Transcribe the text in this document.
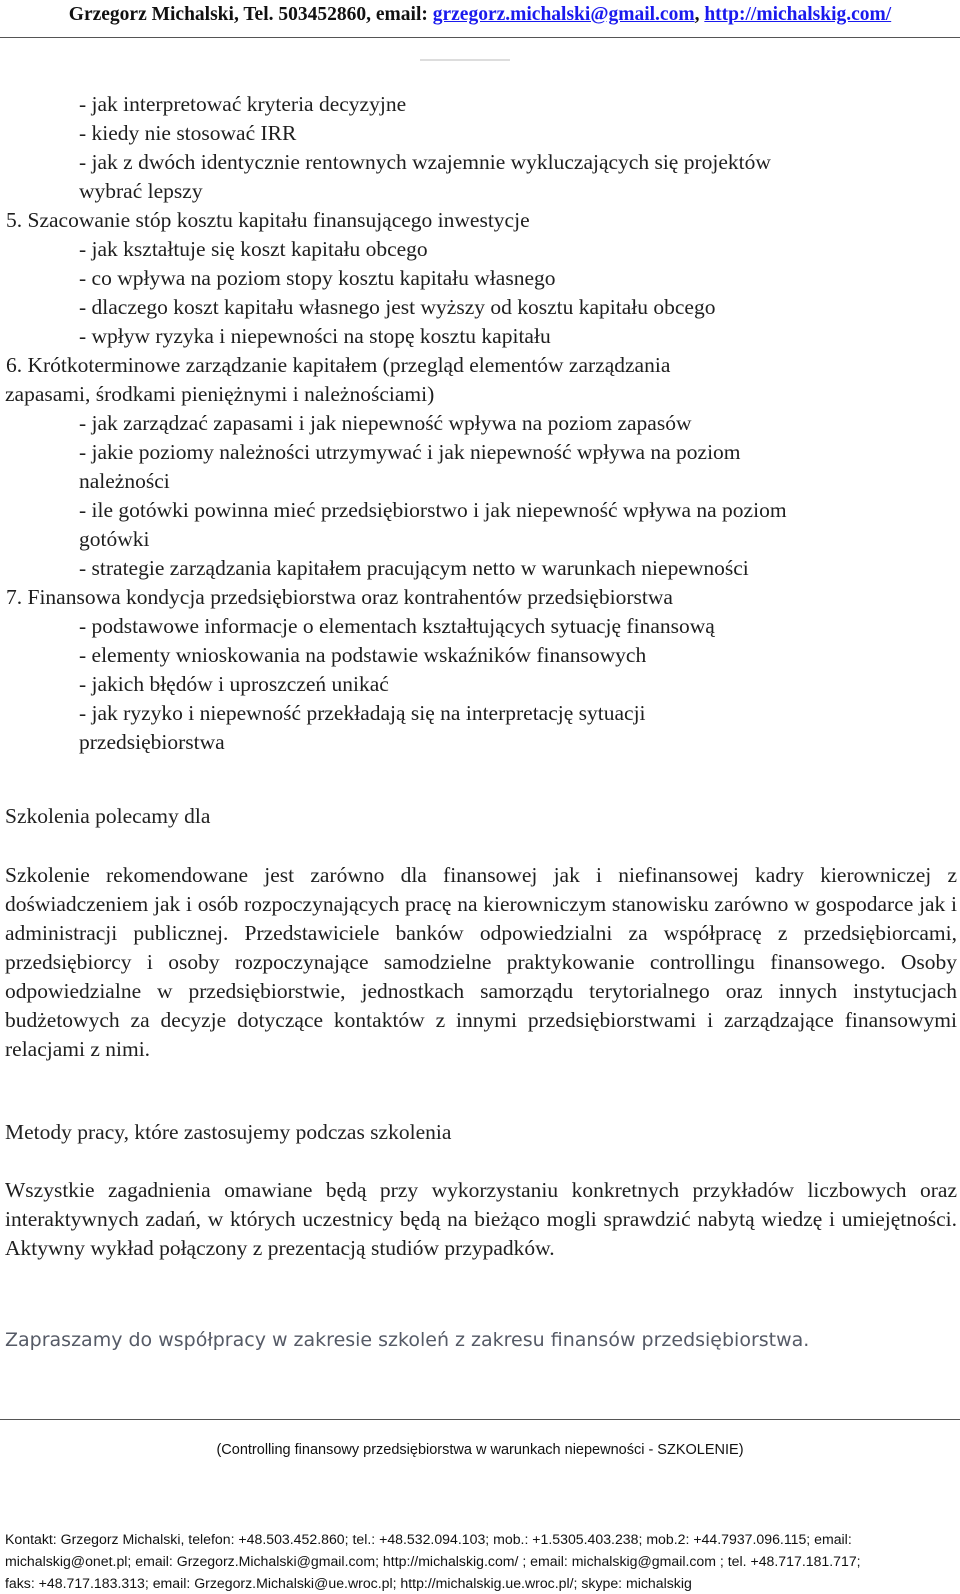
Grzegorz Michalski, Tel. 503452860, email: grzegorz.michalski@gmail.com, http://michalskig.com/
- jak interpretować kryteria decyzyjne
- kiedy nie stosować IRR
- jak z dwóch identycznie rentownych wzajemnie wykluczających się projektów
wybrać lepszy
5. Szacowanie stóp kosztu kapitału finansującego inwestycje
- jak kształtuje się koszt kapitału obcego
- co wpływa na poziom stopy kosztu kapitału własnego
- dlaczego koszt kapitału własnego jest wyższy od kosztu kapitału obcego
- wpływ ryzyka i niepewności na stopę kosztu kapitału
6. Krótkoterminowe zarządzanie kapitałem (przegląd elementów zarządzania
zapasami, środkami pieniężnymi i należnościami)
- jak zarządzać zapasami i jak niepewność wpływa na poziom zapasów
- jakie poziomy należności utrzymywać i jak niepewność wpływa na poziom
należności
- ile gotówki powinna mieć przedsiębiorstwo i jak niepewność wpływa na poziom
gotówki
- strategie zarządzania kapitałem pracującym netto w warunkach niepewności
7. Finansowa kondycja przedsiębiorstwa oraz kontrahentów przedsiębiorstwa
- podstawowe informacje o elementach kształtujących sytuację finansową
- elementy wnioskowania na podstawie wskaźników finansowych
- jakich błędów i uproszczeń unikać
- jak ryzyko i niepewność przekładają się na interpretację sytuacji
przedsiębiorstwa
Szkolenia polecamy dla
Szkolenie rekomendowane jest zarówno dla finansowej jak i niefinansowej kadry kierowniczej z doświadczeniem jak i osób rozpoczynających pracę na kierowniczym stanowisku zarówno w gospodarce jak i administracji publicznej. Przedstawiciele banków odpowiedzialni za współpracę z przedsiębiorcami, przedsiębiorcy i osoby rozpoczynające samodzielne praktykowanie controllingu finansowego. Osoby odpowiedzialne w przedsiębiorstwie, jednostkach samorządu terytorialnego oraz innych instytucjach budżetowych za decyzje dotyczące kontaktów z innymi przedsiębiorstwami i zarządzające finansowymi relacjami z nimi.
Metody pracy, które zastosujemy podczas szkolenia
Wszystkie zagadnienia omawiane będą przy wykorzystaniu konkretnych przykładów liczbowych oraz interaktywnych zadań, w których uczestnicy będą na bieżąco mogli sprawdzić nabytą wiedzę i umiejętności. Aktywny wykład połączony z prezentacją studiów przypadków.
Zapraszamy do współpracy w zakresie szkoleń z zakresu finansów przedsiębiorstwa.
(Controlling finansowy przedsiębiorstwa w warunkach niepewności - SZKOLENIE)
Kontakt: Grzegorz Michalski, telefon: +48.503.452.860; tel.: +48.532.094.103; mob.: +1.5305.403.238; mob.2: +44.7937.096.115; email:
michalskig@onet.pl; email: Grzegorz.Michalski@gmail.com; http://michalskig.com/ ; email: michalskig@gmail.com ; tel. +48.717.181.717;
faks: +48.717.183.313; email: Grzegorz.Michalski@ue.wroc.pl; http://michalskig.ue.wroc.pl/; skype: michalskig
